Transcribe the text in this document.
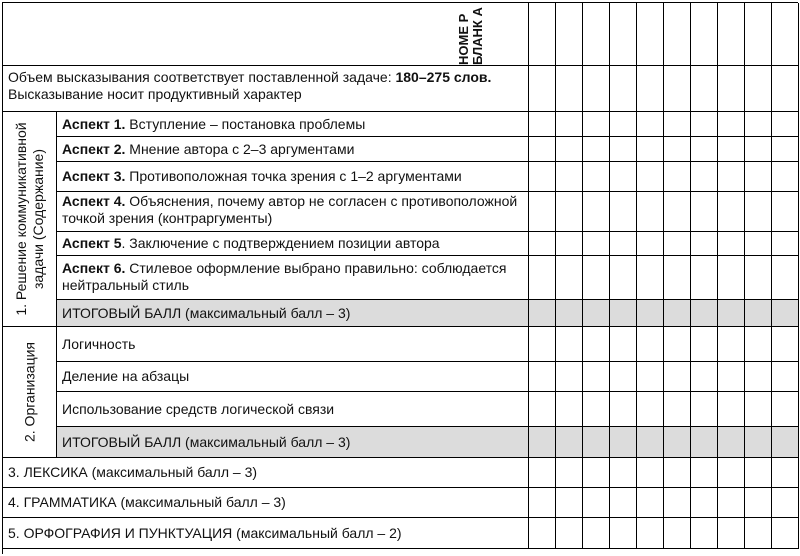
НОМЕ Р БЛАНК А
Объем высказывания соответствует поставленной задаче: 180–275 слов.
Высказывание носит продуктивный характер
1. Решение коммуникативной задачи (Содержание)
Аспект 1. Вступление – постановка проблемы
Аспект 2. Мнение автора с 2–3 аргументами
Аспект 3. Противоположная точка зрения с 1–2 аргументами
Аспект 4. Объяснения, почему автор не согласен с противоположной точкой зрения (контраргументы)
Аспект 5. Заключение с подтверждением позиции автора
Аспект 6. Стилевое оформление выбрано правильно: соблюдается нейтральный стиль
ИТОГОВЫЙ БАЛЛ (максимальный балл – 3)
2. Организация	Логичность
Деление на абзацы
Использование средств логической связи
ИТОГОВЫЙ БАЛЛ (максимальный балл – 3)
3. ЛЕКСИКА (максимальный балл – 3)
4. ГРАММАТИКА (максимальный балл – 3)
5. ОРФОГРАФИЯ И ПУНКТУАЦИЯ (максимальный балл – 2)
